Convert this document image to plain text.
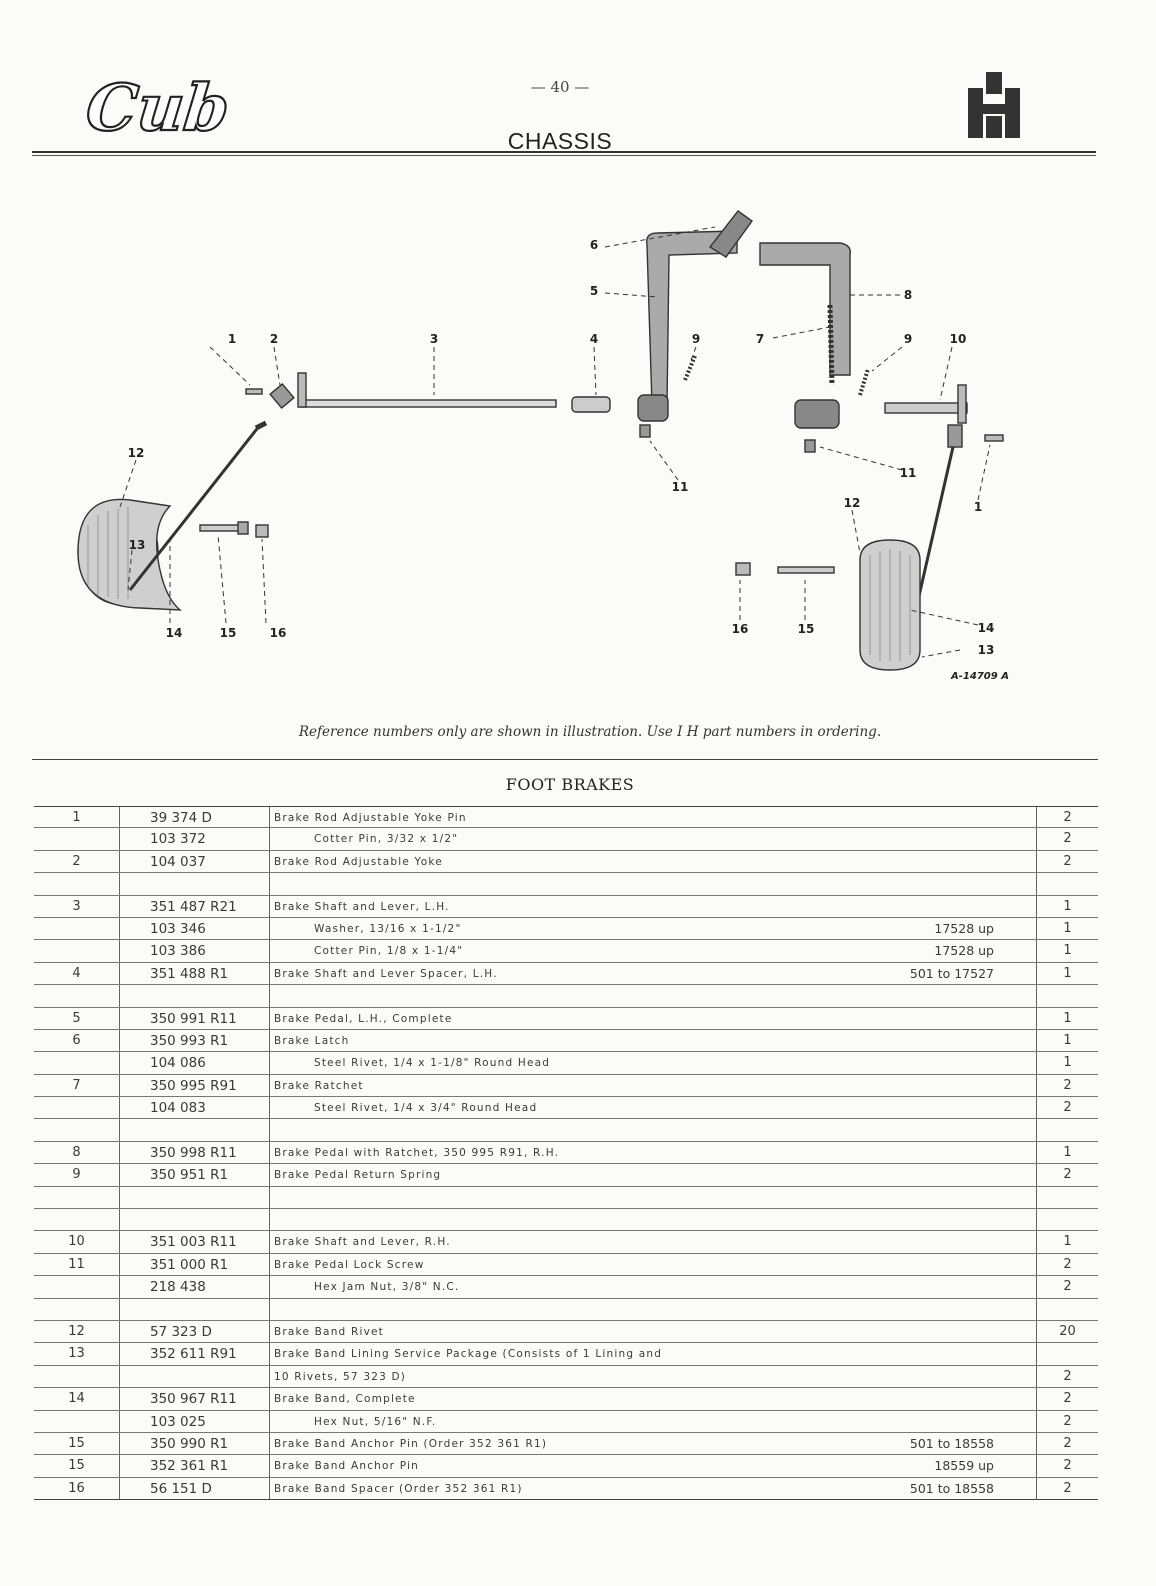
Cub	— 40 —
CHASSIS
1	2	3	4
6
5
9	7
8
9	10
11
11
1
12
12
13
13
14	14
15	15
16	16
A-14709 A
Reference numbers only are shown in illustration. Use I H part numbers in ordering.
FOOT BRAKES
1	39 374 D	Brake Rod Adjustable Yoke Pin	2
103 372	Cotter Pin, 3/32 x 1/2"	2
2	104 037	Brake Rod Adjustable Yoke	2
3	351 487 R21	Brake Shaft and Lever, L.H.	1
103 346	Washer, 13/16 x 1-1/2"	17528 up	1
103 386	Cotter Pin, 1/8 x 1-1/4"	17528 up	1
4	351 488 R1	Brake Shaft and Lever Spacer, L.H.	501 to 17527	1
5	350 991 R11	Brake Pedal, L.H., Complete	1
6	350 993 R1	Brake Latch	1
104 086	Steel Rivet, 1/4 x 1-1/8" Round Head	1
7	350 995 R91	Brake Ratchet	2
104 083	Steel Rivet, 1/4 x 3/4" Round Head	2
8	350 998 R11	Brake Pedal with Ratchet, 350 995 R91, R.H.	1
9	350 951 R1	Brake Pedal Return Spring	2
10	351 003 R11	Brake Shaft and Lever, R.H.	1
11	351 000 R1	Brake Pedal Lock Screw	2
218 438	Hex Jam Nut, 3/8" N.C.	2
12	57 323 D	Brake Band Rivet	20
13	352 611 R91	Brake Band Lining Service Package (Consists of 1 Lining and
10 Rivets, 57 323 D)	2
14	350 967 R11	Brake Band, Complete	2
103 025	Hex Nut, 5/16" N.F.	2
15	350 990 R1	Brake Band Anchor Pin (Order 352 361 R1)	501 to 18558	2
15	352 361 R1	Brake Band Anchor Pin	18559 up	2
16	56 151 D	Brake Band Spacer (Order 352 361 R1)	501 to 18558	2
